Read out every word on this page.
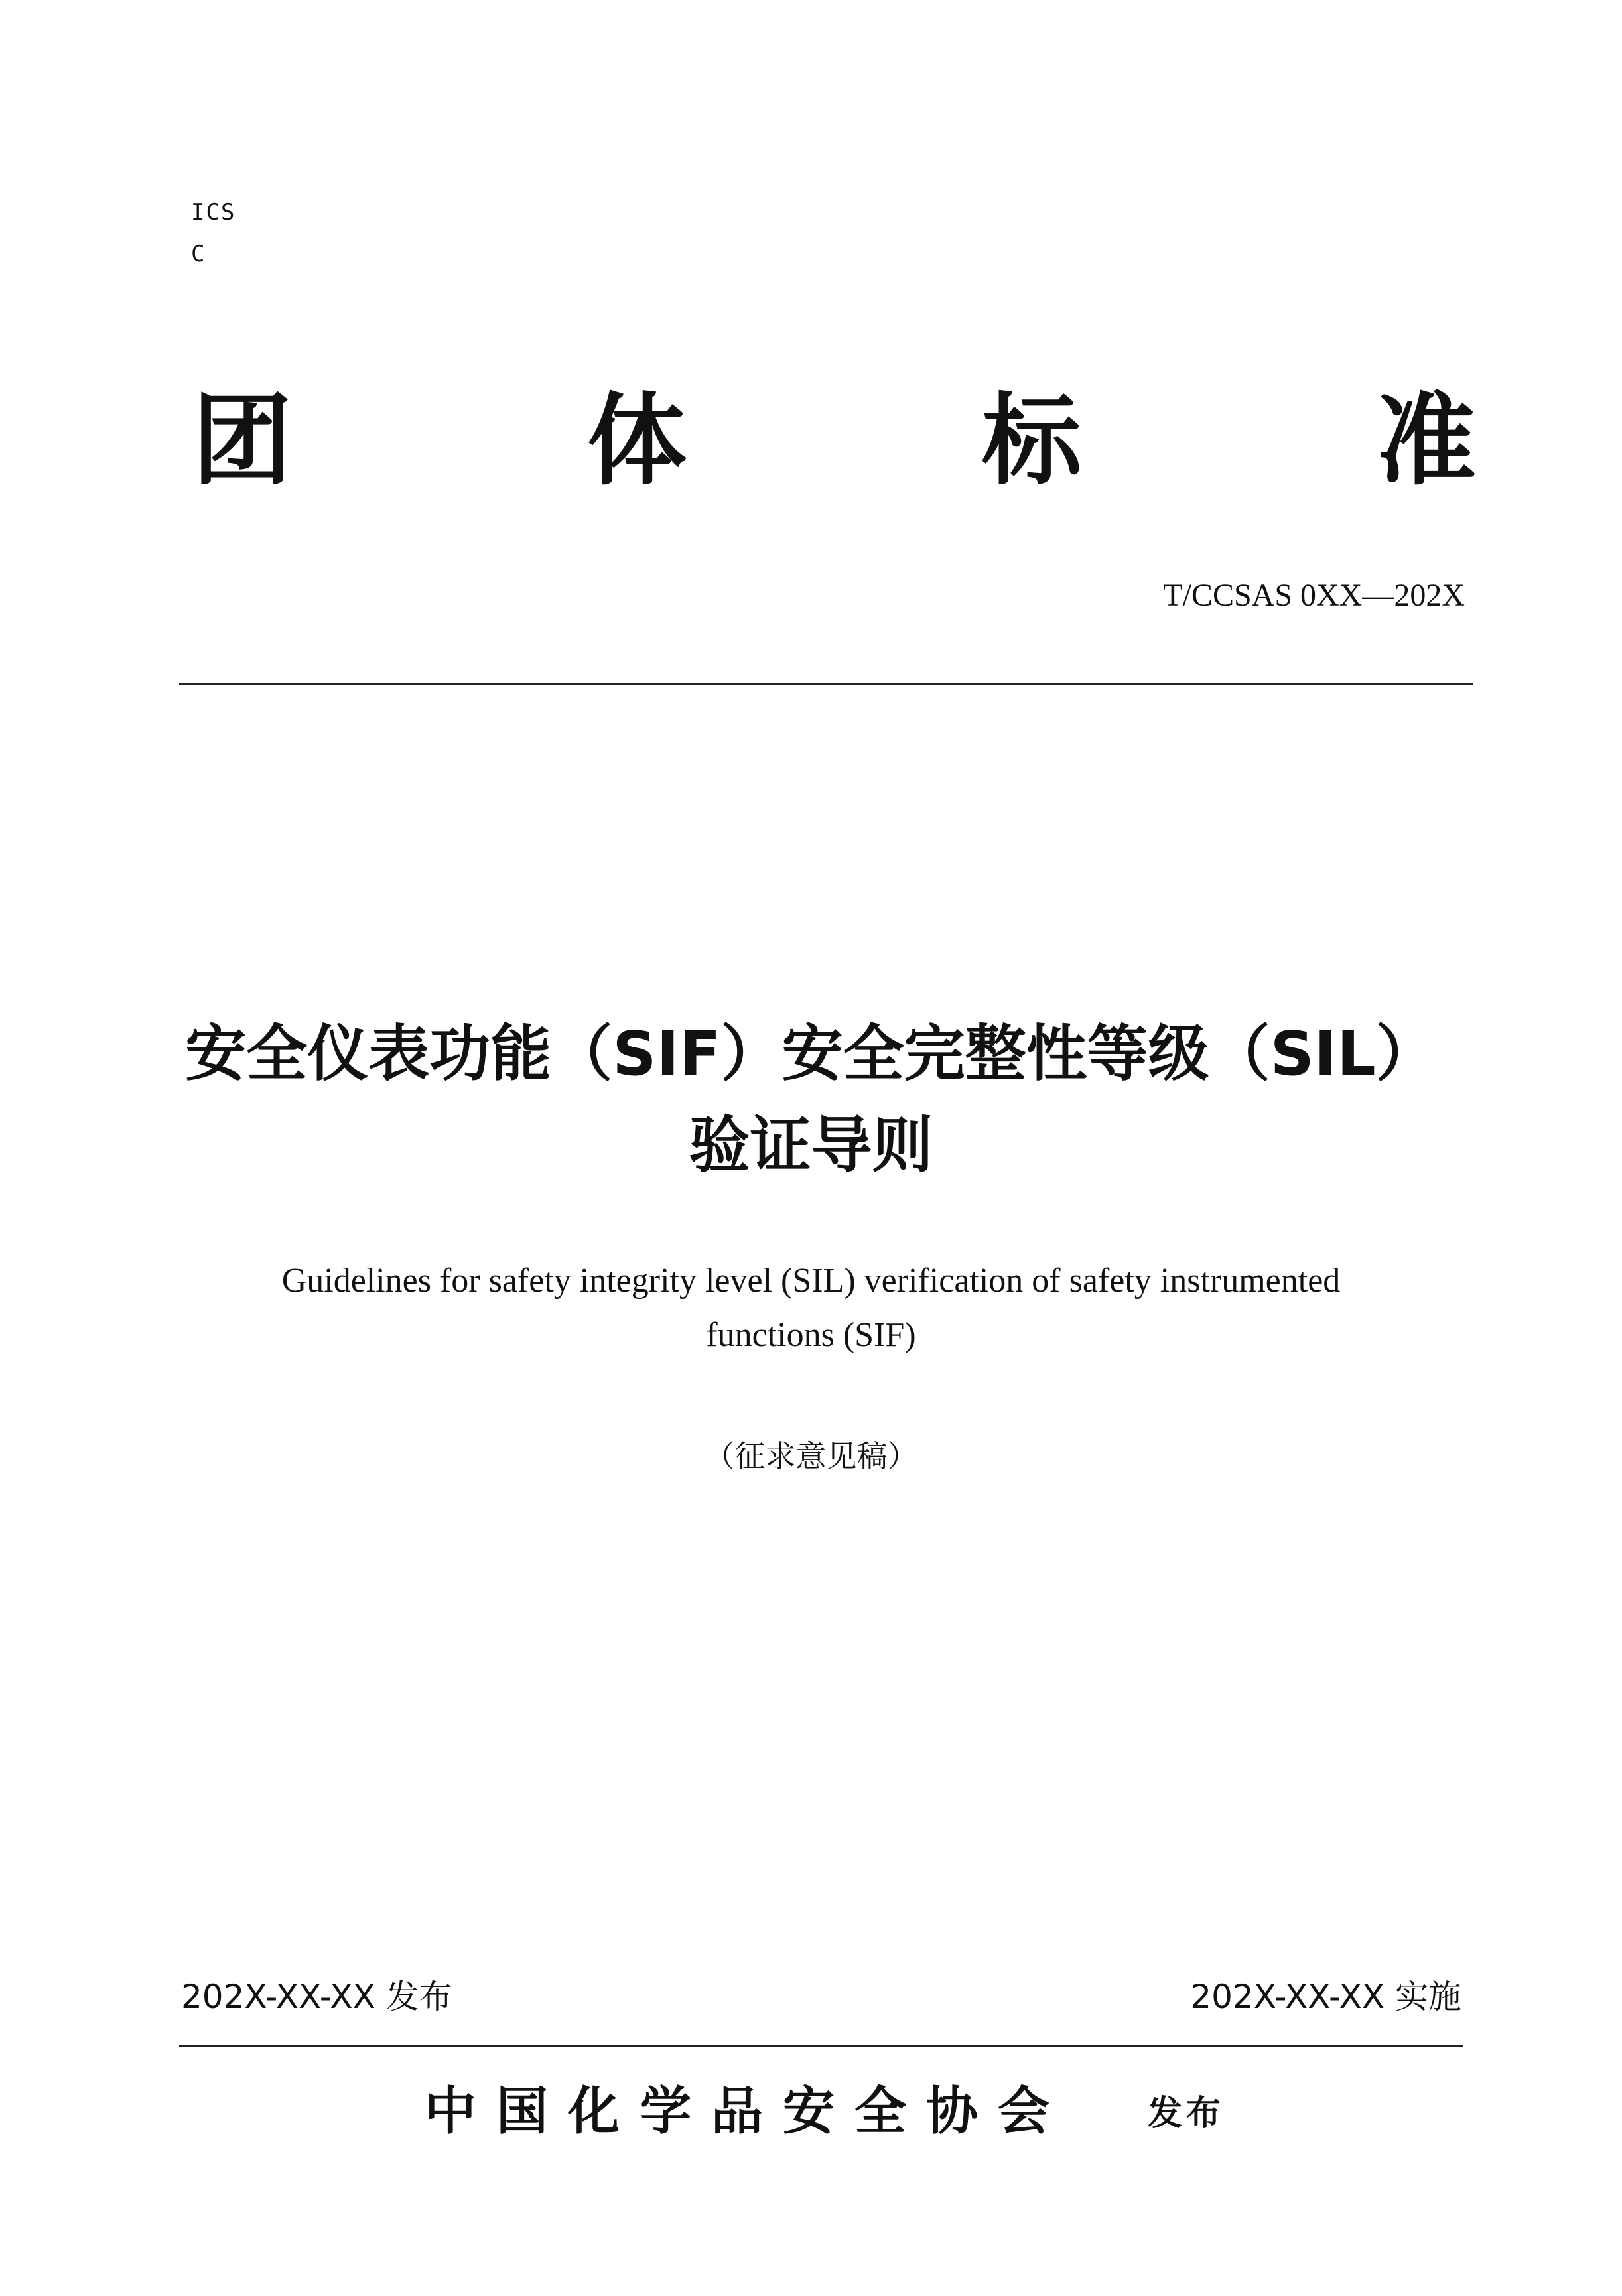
ICS
C
团	体	标	准
T/CCSAS 0XX—202X
安全仪表功能（SIF）安全完整性等级（SIL）
验证导则
Guidelines for safety integrity level (SIL) verification of safety instrumented
functions (SIF)
（征求意见稿）
202X-XX-XX 发布	202X-XX-XX 实施
中国化学品安全协会 发布
